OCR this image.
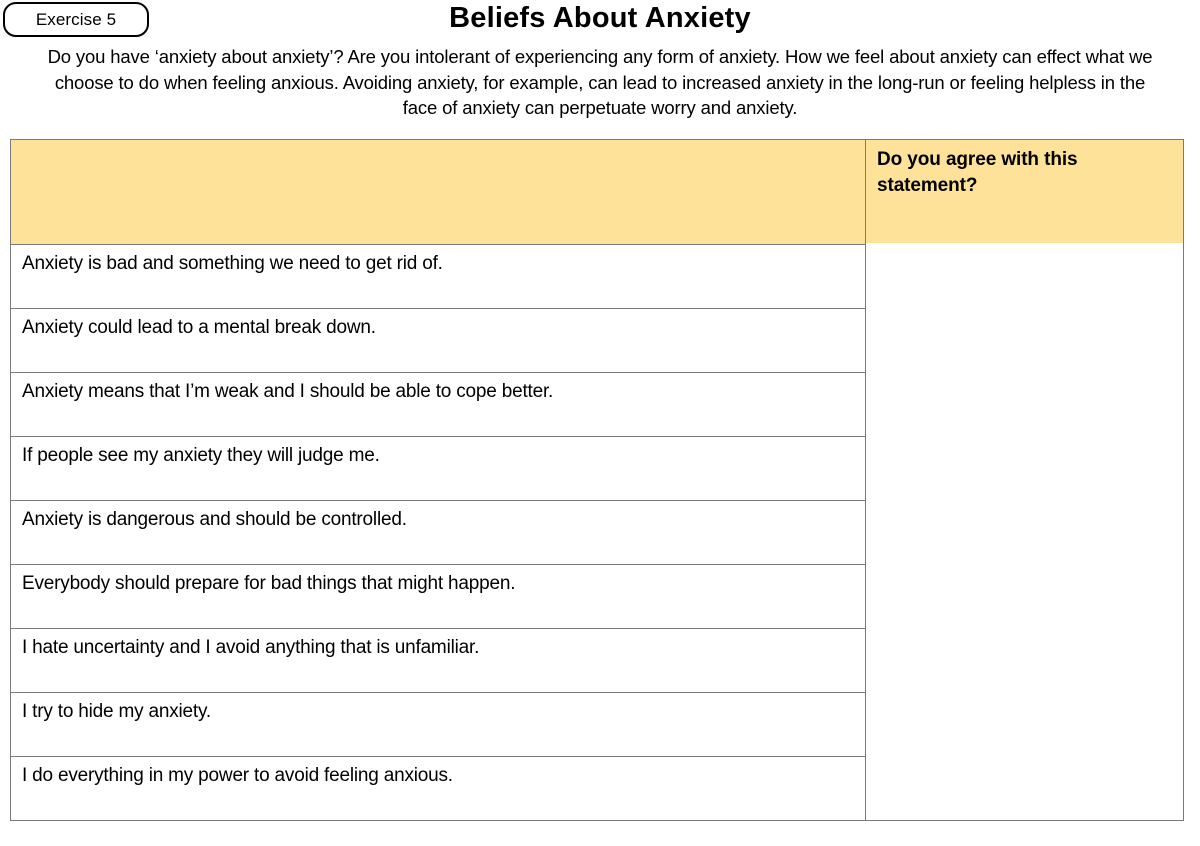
Exercise 5	Beliefs About Anxiety

Do you have ‘anxiety about anxiety’? Are you intolerant of experiencing any form of anxiety. How we feel about anxiety can effect what we choose to do when feeling anxious. Avoiding anxiety, for example, can lead to increased anxiety in the long-run or feeling helpless in the face of anxiety can perpetuate worry and anxiety.

	Do you agree with this statement?
Anxiety is bad and something we need to get rid of.	
Anxiety could lead to a mental break down.	
Anxiety means that I’m weak and I should be able to cope better.	
If people see my anxiety they will judge me.	
Anxiety is dangerous and should be controlled.	
Everybody should prepare for bad things that might happen.	
I hate uncertainty and I avoid anything that is unfamiliar.	
I try to hide my anxiety.	
I do everything in my power to avoid feeling anxious.	
